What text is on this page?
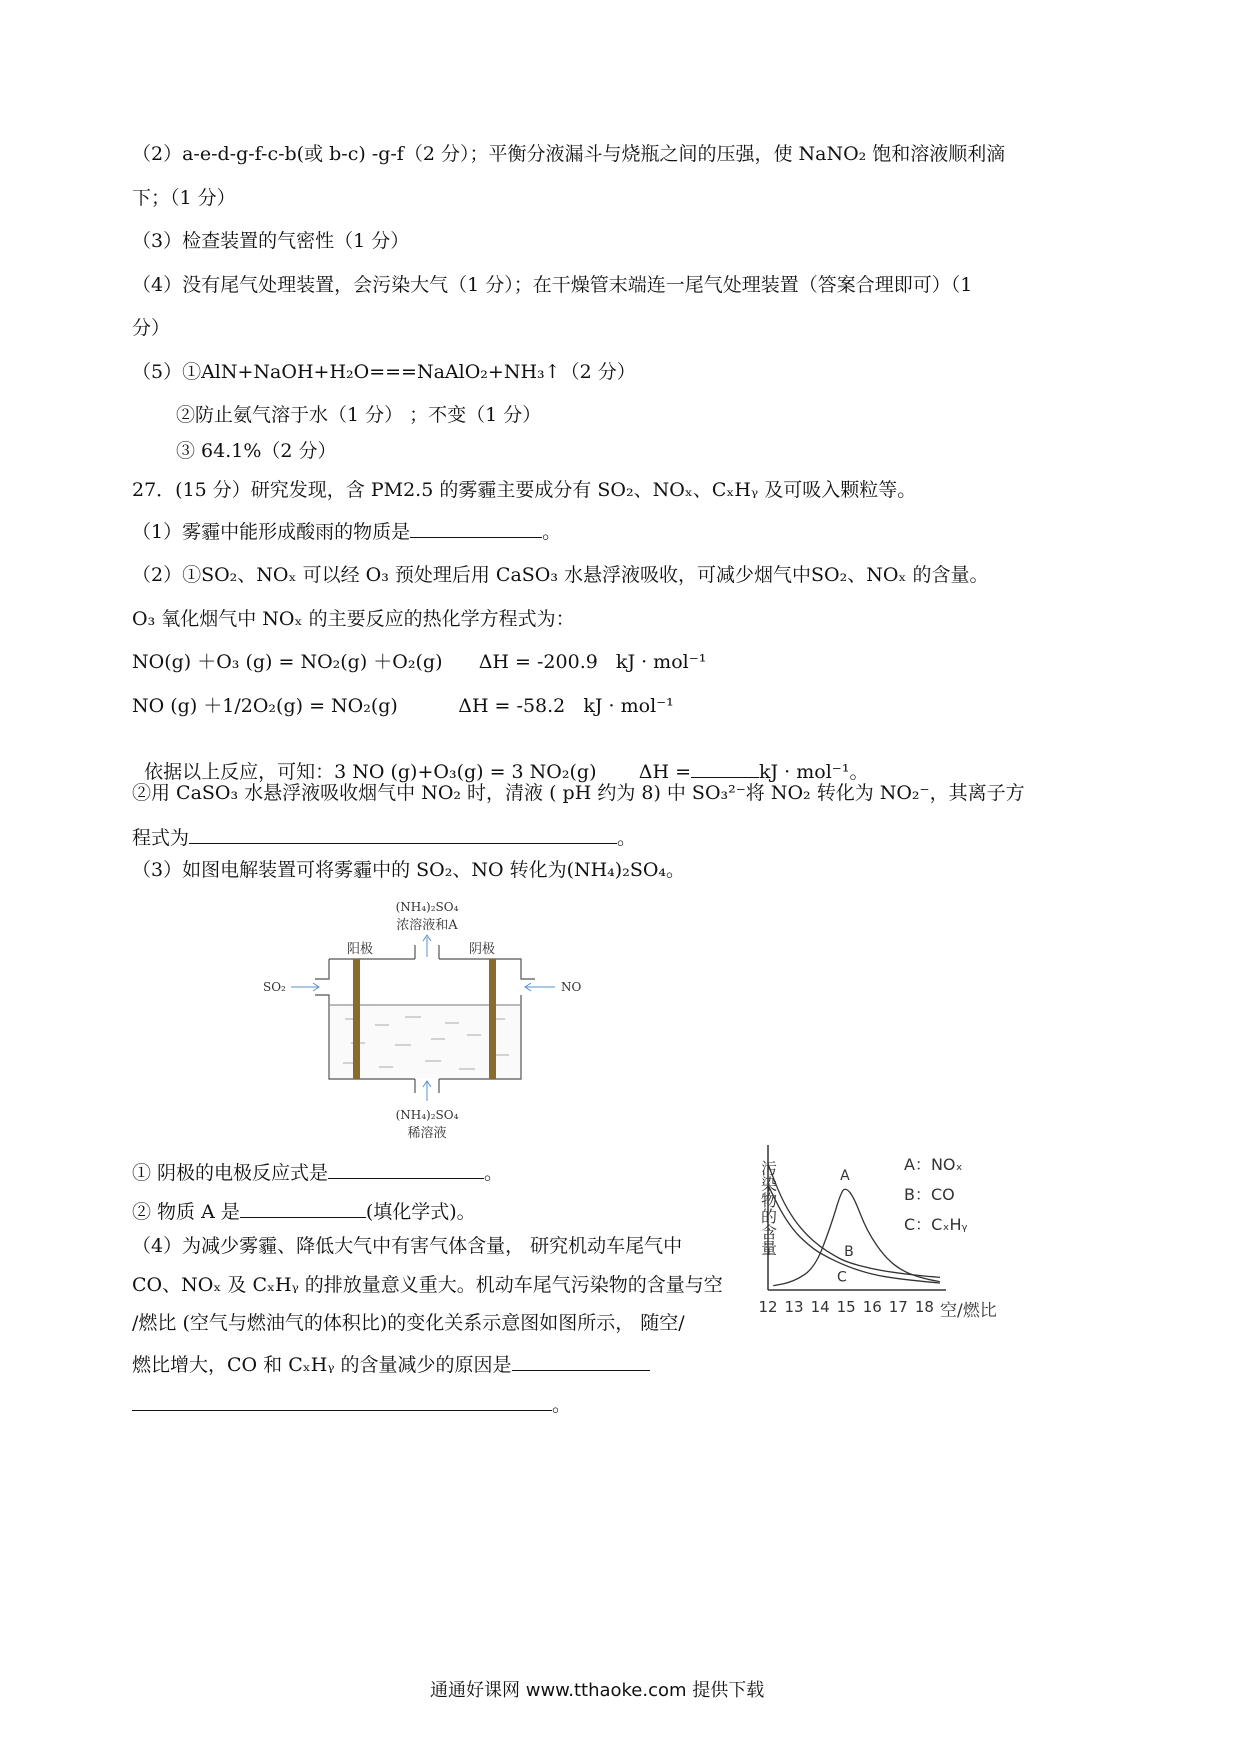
（2）a-e-d-g-f-c-b(或 b-c) -g-f（2 分）；平衡分液漏斗与烧瓶之间的压强，使 NaNO₂ 饱和溶液顺利滴
下；（1 分）
（3）检查装置的气密性（1 分）
（4）没有尾气处理装置，会污染大气（1 分）；在干燥管末端连一尾气处理装置（答案合理即可）（1
分）
（5）①AlN+NaOH+H₂O===NaAlO₂+NH₃↑（2 分）
②防止氨气溶于水（1 分） ；不变（1 分）
③ 64.1%（2 分）
27．(15 分）研究发现，含 PM2.5 的雾霾主要成分有 SO₂、NOₓ、CₓHᵧ 及可吸入颗粒等。
（1）雾霾中能形成酸雨的物质是	。
（2）①SO₂、NOₓ 可以经 O₃ 预处理后用 CaSO₃ 水悬浮液吸收，可减少烟气中SO₂、NOₓ 的含量。
O₃ 氧化烟气中 NOₓ 的主要反应的热化学方程式为：
NO(g) ＋O₃ (g) = NO₂(g) ＋O₂(g)      ΔH = -200.9   kJ · mol⁻¹
NO (g) ＋1/2O₂(g) = NO₂(g)          ΔH = -58.2   kJ · mol⁻¹

依据以上反应，可知：3 NO (g)+O₃(g) = 3 NO₂(g)       ΔH =	kJ · mol⁻¹。

②用 CaSO₃ 水悬浮液吸收烟气中 NO₂ 时，清液 ( pH 约为 8) 中 SO₃²⁻将 NO₂ 转化为 NO₂⁻，其离子方
程式为	。
（3）如图电解装置可将雾霾中的 SO₂、NO 转化为(NH₄)₂SO₄。
(NH₄)₂SO₄
浓溶液和A
阳极	阴极
SO₂	NO
(NH₄)₂SO₄
稀溶液
① 阴极的电极反应式是	。
② 物质 A 是	(填化学式)。
（4）为减少雾霾、降低大气中有害气体含量， 研究机动车尾气中
CO、NOₓ 及 CₓHᵧ 的排放量意义重大。机动车尾气污染物的含量与空
/燃比 (空气与燃油气的体积比)的变化关系示意图如图所示， 随空/
燃比增大，CO 和 CₓHᵧ 的含量减少的原因是
。
A
B
C
12 13 14 15 16 17 18
污染物的含量
空/燃比
A：NOₓ
B：CO
C：CₓHᵧ
通通好课网 www.tthaoke.com 提供下载
